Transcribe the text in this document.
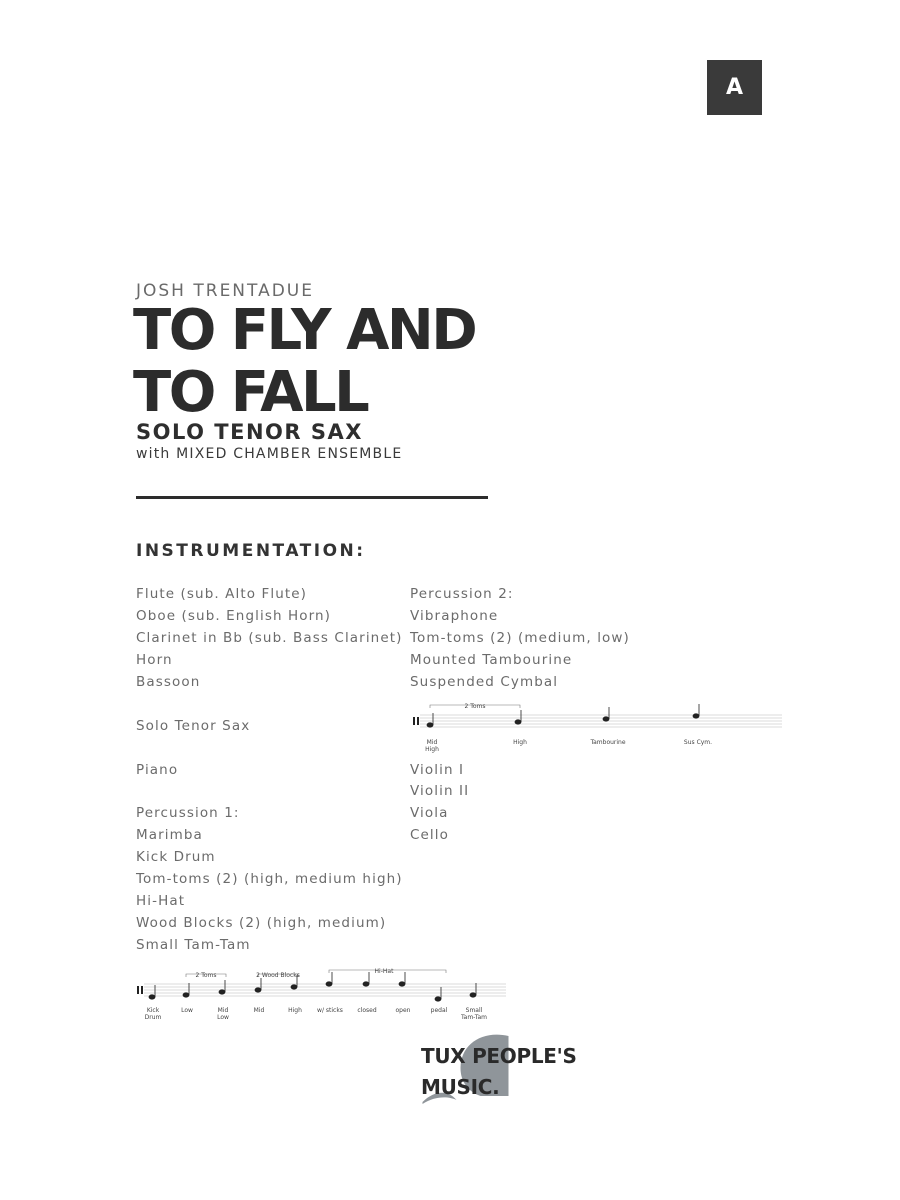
A
JOSH TRENTADUE
TO FLY AND
TO FALL
SOLO TENOR SAX
with MIXED CHAMBER ENSEMBLE
INSTRUMENTATION:
Flute (sub. Alto Flute)
Oboe (sub. English Horn)
Clarinet in Bb (sub. Bass Clarinet)
Horn
Bassoon
Solo Tenor Sax
Piano
Percussion 1:
Marimba
Kick Drum
Tom-toms (2) (high, medium high)
Hi-Hat
Wood Blocks (2) (high, medium)
Small Tam-Tam
Percussion 2:
Vibraphone
Tom-toms (2) (medium, low)
Mounted Tambourine
Suspended Cymbal
Violin I
Violin II
Viola
Cello
2 Toms
Mid
High
High	Tambourine	Sus Cym.
2 Toms	2 Wood Blocks
Hi-Hat
Kick
Drum
Low	Mid
Low
Mid	High	w/ sticks closed	open	pedal	Small
Tam-Tam
TUX PEOPLE'S
MUSIC.
